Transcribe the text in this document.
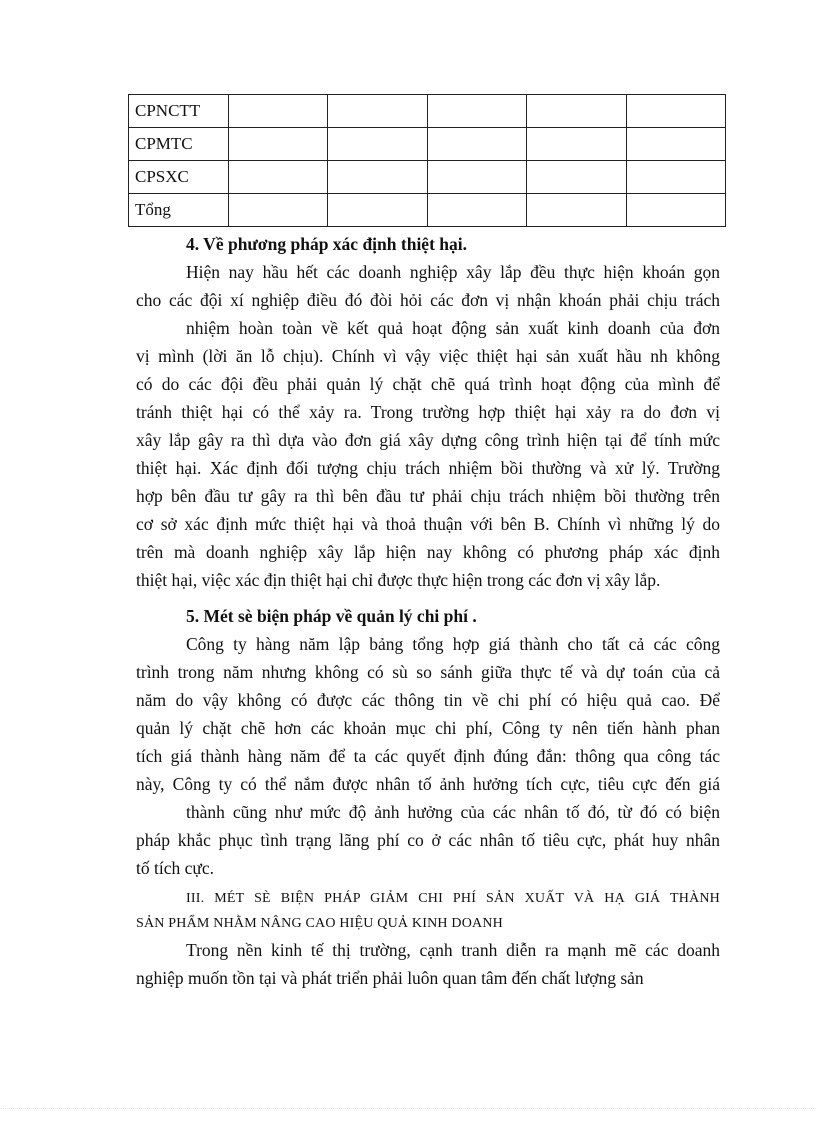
CPNCTT					
CPMTC					
CPSXC					
Tổng					
4. Về phương pháp xác định thiệt hại.
Hiện nay hầu hết các doanh nghiệp xây lắp đều thực hiện khoán gọn
cho các đội xí nghiệp điều đó đòi hỏi các đơn vị nhận khoán phải chịu trách
nhiệm hoàn toàn về kết quả hoạt động sản xuất kinh doanh của đơn
vị mình (lời ăn lỗ chịu). Chính vì vậy việc thiệt hại sản xuất hầu nh không
có do các đội đều phải quản lý chặt chẽ quá trình hoạt động của mình để
tránh thiệt hại có thể xảy ra. Trong trường hợp thiệt hại xảy ra do đơn vị
xây lắp gây ra thì dựa vào đơn giá xây dựng công trình hiện tại để tính mức
thiệt hại. Xác định đối tượng chịu trách nhiệm bồi thường và xử lý. Trường
hợp bên đầu tư gây ra thì bên đầu tư phải chịu trách nhiệm bồi thường trên
cơ sở xác định mức thiệt hại và thoả thuận với bên B. Chính vì những lý do
trên mà doanh nghiệp xây lắp hiện nay không có phương pháp xác định
thiệt hại, việc xác địn thiệt hại chỉ được thực hiện trong các đơn vị xây lắp.
5. Mét sè biện pháp về quản lý chi phí .
Công ty hàng năm lập bảng tổng hợp giá thành cho tất cả các công
trình trong năm nhưng không có sù so sánh giữa thực tế và dự toán của cả
năm do vậy không có được các thông tin về chi phí có hiệu quả cao. Để
quản lý chặt chẽ hơn các khoản mục chi phí, Công ty nên tiến hành phan
tích giá thành hàng năm để ta các quyết định đúng đắn: thông qua công tác
này, Công ty có thể nắm được nhân tố ảnh hưởng tích cực, tiêu cực đến giá
thành cũng như mức độ ảnh hưởng của các nhân tố đó, từ đó có biện
pháp khắc phục tình trạng lãng phí co ở các nhân tố tiêu cực, phát huy nhân
tố tích cực.
III. MÉT SÈ BIỆN PHÁP GIẢM CHI PHÍ SẢN XUẤT VÀ HẠ GIÁ THÀNH
SẢN PHẨM NHẰM NÂNG CAO HIỆU QUẢ KINH DOANH
Trong nền kinh tế thị trường, cạnh tranh diễn ra mạnh mẽ các doanh
nghiệp muốn tồn tại và phát triển phải luôn quan tâm đến chất lượng sản
